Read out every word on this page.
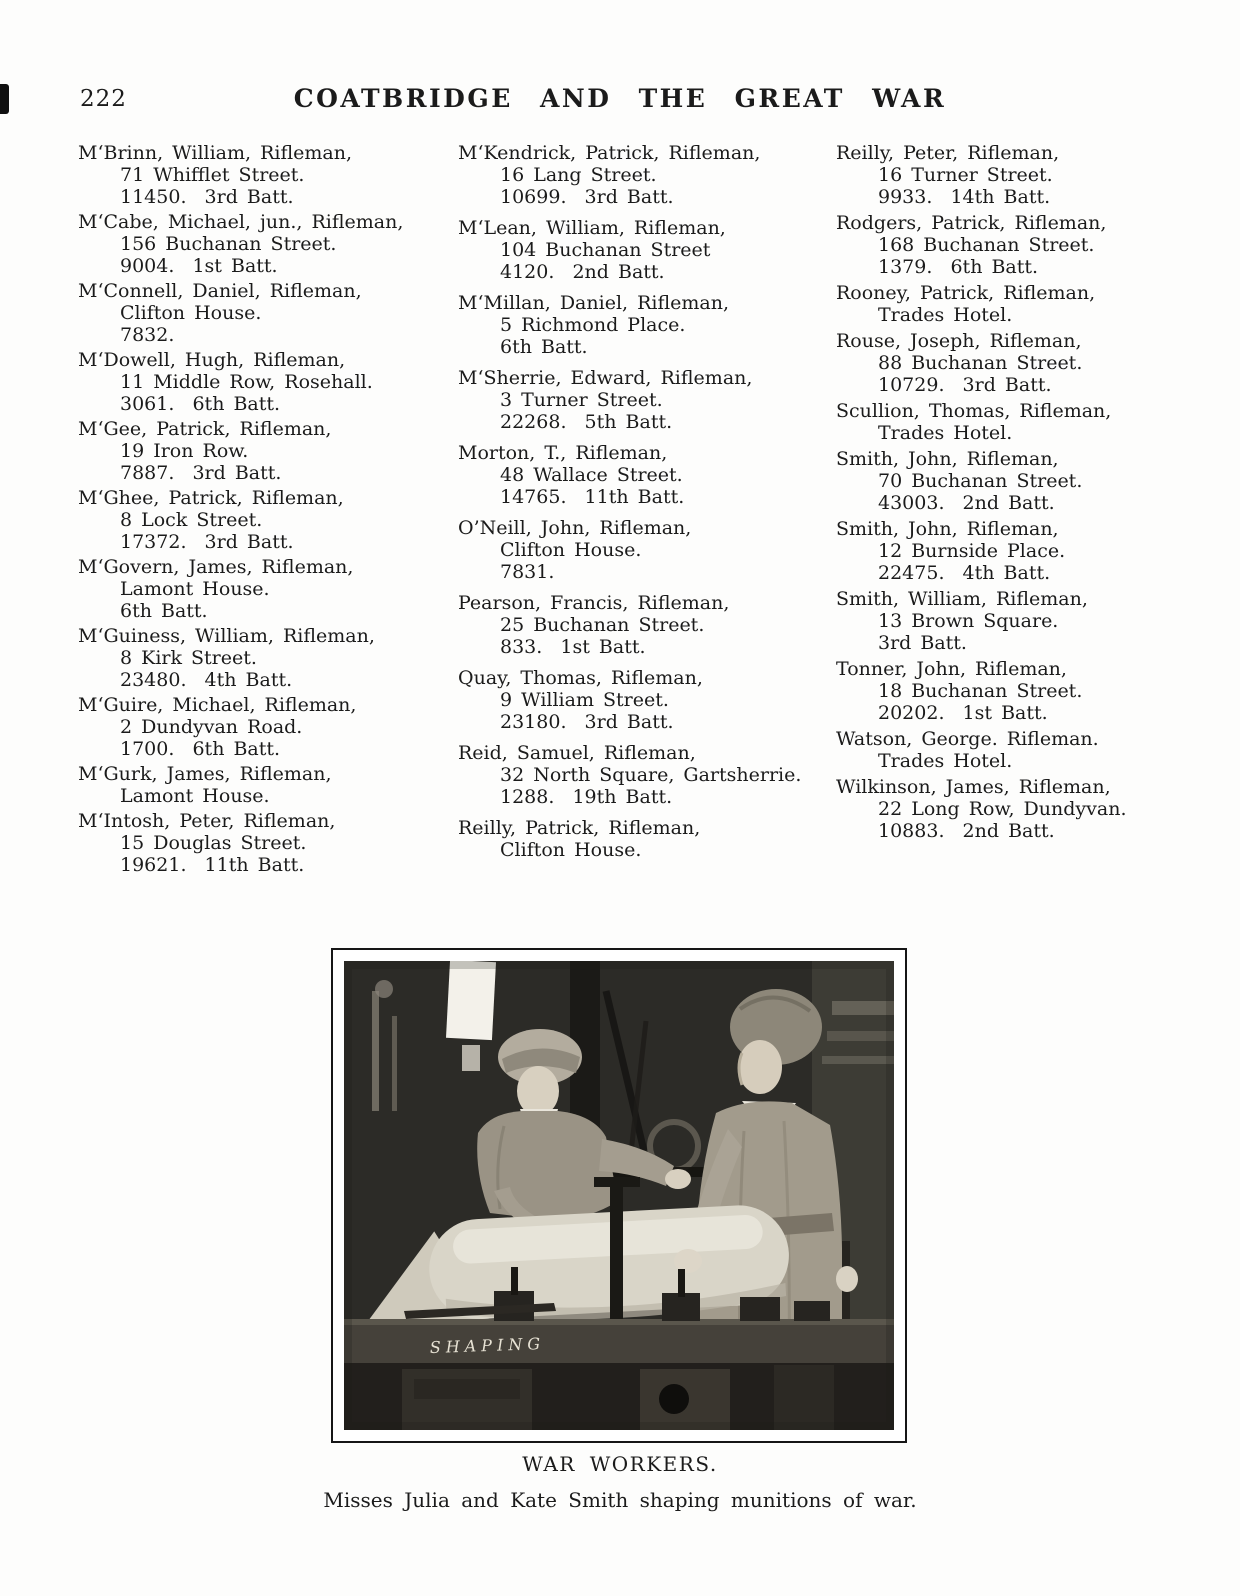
222	COATBRIDGE AND THE GREAT WAR
M‘Brinn, William, Rifleman,
71 Whifflet Street.
11450.  3rd Batt.
M‘Cabe, Michael, jun., Rifleman,
156 Buchanan Street.
9004.  1st Batt.
M‘Connell, Daniel, Rifleman,
Clifton House.
7832.
M‘Dowell, Hugh, Rifleman,
11 Middle Row, Rosehall.
3061.  6th Batt.
M‘Gee, Patrick, Rifleman,
19 Iron Row.
7887.  3rd Batt.
M‘Ghee, Patrick, Rifleman,
8 Lock Street.
17372.  3rd Batt.
M‘Govern, James, Rifleman,
Lamont House.
6th Batt.
M‘Guiness, William, Rifleman,
8 Kirk Street.
23480.  4th Batt.
M‘Guire, Michael, Rifleman,
2 Dundyvan Road.
1700.  6th Batt.
M‘Gurk, James, Rifleman,
Lamont House.
M‘Intosh, Peter, Rifleman,
15 Douglas Street.
19621.  11th Batt.
M‘Kendrick, Patrick, Rifleman,
16 Lang Street.
10699.  3rd Batt.
M‘Lean, William, Rifleman,
104 Buchanan Street
4120.  2nd Batt.
M‘Millan, Daniel, Rifleman,
5 Richmond Place.
6th Batt.
M‘Sherrie, Edward, Rifleman,
3 Turner Street.
22268.  5th Batt.
Morton, T., Rifleman,
48 Wallace Street.
14765.  11th Batt.
O’Neill, John, Rifleman,
Clifton House.
7831.
Pearson, Francis, Rifleman,
25 Buchanan Street.
833.  1st Batt.
Quay, Thomas, Rifleman,
9 William Street.
23180.  3rd Batt.
Reid, Samuel, Rifleman,
32 North Square, Gartsherrie.
1288.  19th Batt.
Reilly, Patrick, Rifleman,
Clifton House.
Reilly, Peter, Rifleman,
16 Turner Street.
9933.  14th Batt.
Rodgers, Patrick, Rifleman,
168 Buchanan Street.
1379.  6th Batt.
Rooney, Patrick, Rifleman,
Trades Hotel.
Rouse, Joseph, Rifleman,
88 Buchanan Street.
10729.  3rd Batt.
Scullion, Thomas, Rifleman,
Trades Hotel.
Smith, John, Rifleman,
70 Buchanan Street.
43003.  2nd Batt.
Smith, John, Rifleman,
12 Burnside Place.
22475.  4th Batt.
Smith, William, Rifleman,
13 Brown Square.
3rd Batt.
Tonner, John, Rifleman,
18 Buchanan Street.
20202.  1st Batt.
Watson, George. Rifleman.
Trades Hotel.
Wilkinson, James, Rifleman,
22 Long Row, Dundyvan.
10883.  2nd Batt.
SHAPING
WAR WORKERS.
Misses Julia and Kate Smith shaping munitions of war.
